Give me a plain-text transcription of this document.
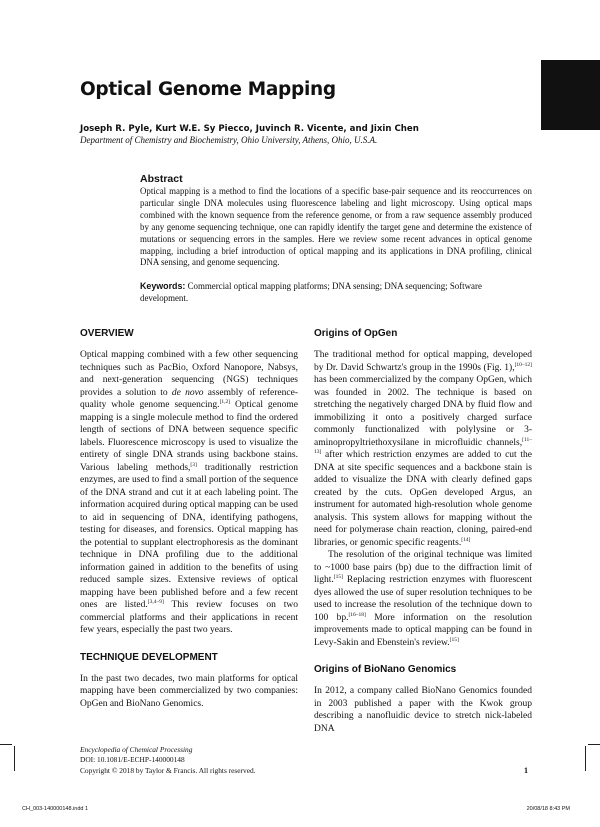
Optical Genome Mapping
Joseph R. Pyle, Kurt W.E. Sy Piecco, Juvinch R. Vicente, and Jixin Chen
Department of Chemistry and Biochemistry, Ohio University, Athens, Ohio, U.S.A.
Abstract
Optical mapping is a method to find the locations of a specific base-pair sequence and its reoccurrences on particular single DNA molecules using fluorescence labeling and light microscopy. Using optical maps combined with the known sequence from the reference genome, or from a raw sequence assembly produced by any genome sequencing technique, one can rapidly identify the target gene and determine the existence of mutations or sequencing errors in the samples. Here we review some recent advances in optical genome mapping, including a brief introduction of optical mapping and its applications in DNA profiling, clinical DNA sensing, and genome sequencing.
Keywords: Commercial optical mapping platforms; DNA sensing; DNA sequencing; Software development.
OVERVIEW

Optical mapping combined with a few other sequencing techniques such as PacBio, Oxford Nanopore, Nabsys, and next-generation sequencing (NGS) techniques provides a solution to de novo assembly of reference-quality whole genome sequencing.[1,2] Optical genome mapping is a single molecule method to find the ordered length of sections of DNA between sequence specific labels. Fluorescence microscopy is used to visualize the entirety of single DNA strands using backbone stains. Various labeling methods,[3] traditionally restriction enzymes, are used to find a small portion of the sequence of the DNA strand and cut it at each labeling point. The information acquired during optical mapping can be used to aid in sequencing of DNA, identifying pathogens, testing for diseases, and forensics. Optical mapping has the potential to supplant electrophoresis as the dominant technique in DNA profiling due to the additional information gained in addition to the benefits of using reduced sample sizes. Extensive reviews of optical mapping have been published before and a few recent ones are listed.[3,4–9] This review focuses on two commercial platforms and their applications in recent few years, especially the past two years.

TECHNIQUE DEVELOPMENT

In the past two decades, two main platforms for optical mapping have been commercialized by two companies: OpGen and BioNano Genomics.

Origins of OpGen

The traditional method for optical mapping, developed by Dr. David Schwartz's group in the 1990s (Fig. 1),[10–12] has been commercialized by the company OpGen, which was founded in 2002. The technique is based on stretching the negatively charged DNA by fluid flow and immobilizing it onto a positively charged surface commonly functionalized with polylysine or 3-aminopropyltriethoxysilane in microfluidic channels,[11–13] after which restriction enzymes are added to cut the DNA at site specific sequences and a backbone stain is added to visualize the DNA with clearly defined gaps created by the cuts. OpGen developed Argus, an instrument for automated high-resolution whole genome analysis. This system allows for mapping without the need for polymerase chain reaction, cloning, paired-end libraries, or genomic specific reagents.[14]

The resolution of the original technique was limited to ~1000 base pairs (bp) due to the diffraction limit of light.[15] Replacing restriction enzymes with fluorescent dyes allowed the use of super resolution techniques to be used to increase the resolution of the technique down to 100 bp.[16–18] More information on the resolution improvements made to optical mapping can be found in Levy-Sakin and Ebenstein's review.[15]

Origins of BioNano Genomics

In 2012, a company called BioNano Genomics founded in 2003 published a paper with the Kwok group describing a nanofluidic device to stretch nick-labeled DNA

Encyclopedia of Chemical Processing
DOI: 10.1081/E-ECHP-140000148
Copyright © 2018 by Taylor & Francis. All rights reserved.	1
CH_003-140000148.indd 1	20/08/18 8:43 PM
